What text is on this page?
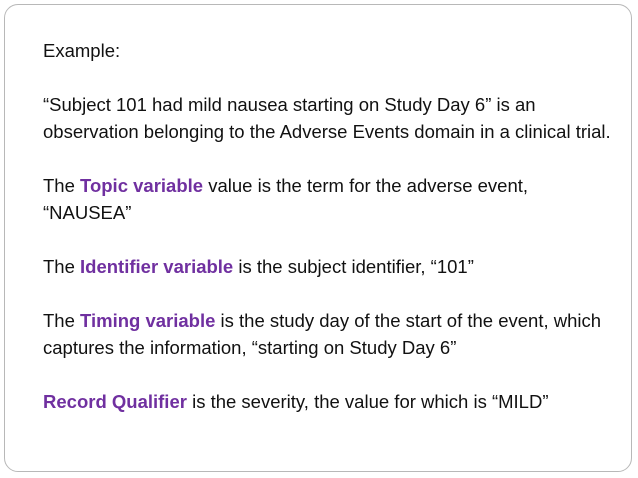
Example:

“Subject 101 had mild nausea starting on Study Day 6” is an observation belonging to the Adverse Events domain in a clinical trial.

The Topic variable value is the term for the adverse event, “NAUSEA”

The Identifier variable is the subject identifier, “101”

The Timing variable is the study day of the start of the event, which captures the information, “starting on Study Day 6”

Record Qualifier is the severity, the value for which is “MILD”
